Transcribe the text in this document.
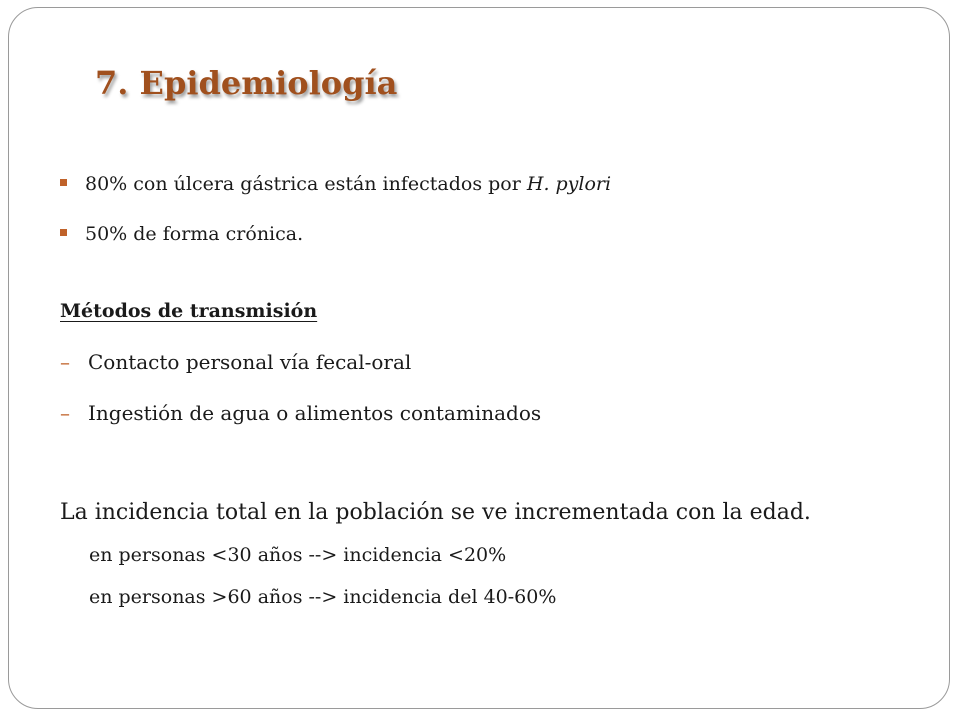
7. Epidemiología
80% con úlcera gástrica están infectados por H. pylori
50% de forma crónica.
Métodos de transmisión
– Contacto personal vía fecal-oral
– Ingestión de agua o alimentos contaminados
La incidencia total en la población se ve incrementada con la edad.
en personas <30 años --> incidencia <20%
en personas >60 años --> incidencia del 40-60%
